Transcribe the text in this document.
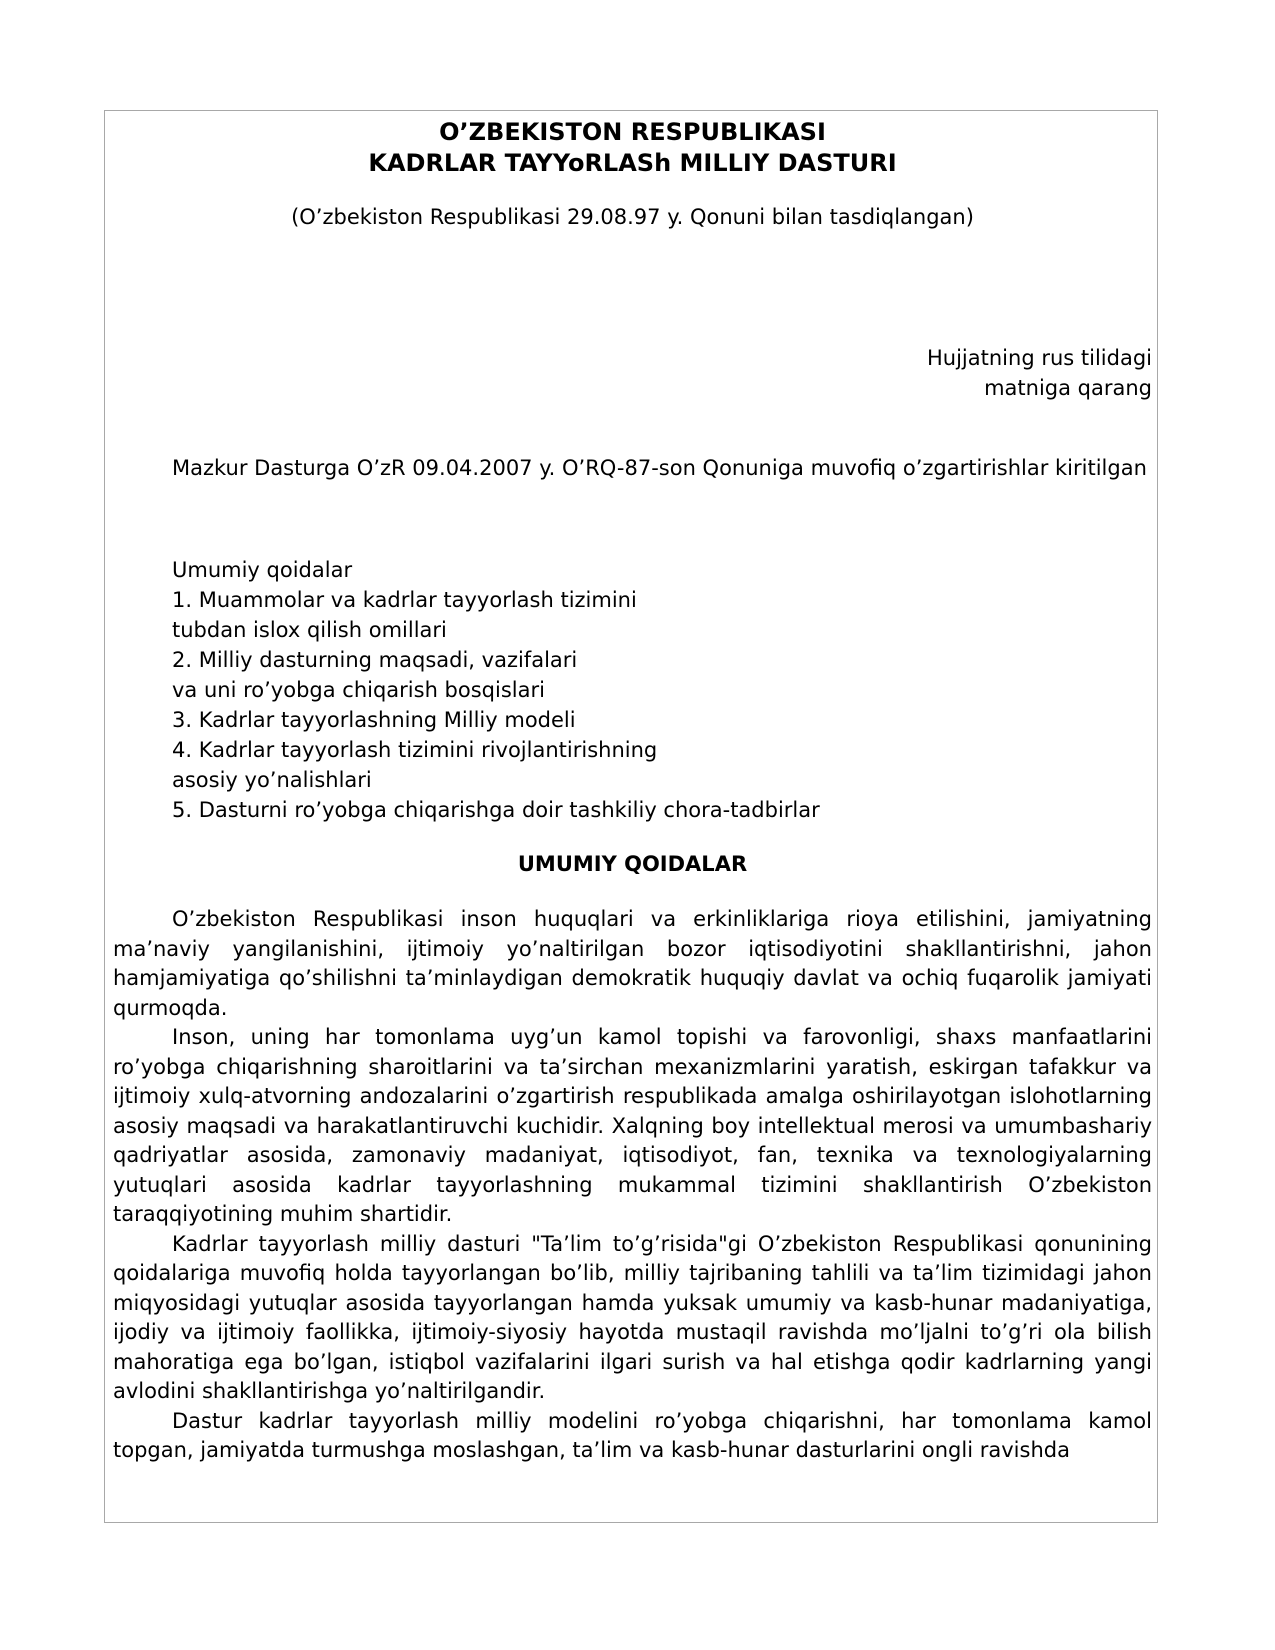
O’ZBEKISTON RESPUBLIKASI
KADRLAR TAYYoRLASh MILLIY DASTURI

(O’zbekiston Respublikasi 29.08.97 y. Qonuni bilan tasdiqlangan)

Hujjatning rus tilidagi
matniga qarang

Mazkur Dasturga O’zR 09.04.2007 y. O’RQ-87-son Qonuniga muvofiq o’zgartirishlar kiritilgan

Umumiy qoidalar
1. Muammolar va kadrlar tayyorlash tizimini
tubdan islox qilish omillari
2. Milliy dasturning maqsadi, vazifalari
va uni ro’yobga chiqarish bosqislari
3. Kadrlar tayyorlashning Milliy modeli
4. Kadrlar tayyorlash tizimini rivojlantirishning
asosiy yo’nalishlari
5. Dasturni ro’yobga chiqarishga doir tashkiliy chora-tadbirlar
UMUMIY QOIDALAR

O’zbekiston Respublikasi inson huquqlari va erkinliklariga rioya etilishini, jamiyatning ma’naviy yangilanishini, ijtimoiy yo’naltirilgan bozor iqtisodiyotini shakllantirishni, jahon hamjamiyatiga qo’shilishni ta’minlaydigan demokratik huquqiy davlat va ochiq fuqarolik jamiyati qurmoqda.

Inson, uning har tomonlama uyg’un kamol topishi va farovonligi, shaxs manfaatlarini ro’yobga chiqarishning sharoitlarini va ta’sirchan mexanizmlarini yaratish, eskirgan tafakkur va ijtimoiy xulq-atvorning andozalarini o’zgartirish respublikada amalga oshirilayotgan islohotlarning asosiy maqsadi va harakatlantiruvchi kuchidir. Xalqning boy intellektual merosi va umumbashariy qadriyatlar asosida, zamonaviy madaniyat, iqtisodiyot, fan, texnika va texnologiyalarning yutuqlari asosida kadrlar tayyorlashning mukammal tizimini shakllantirish O’zbekiston taraqqiyotining muhim shartidir.

Kadrlar tayyorlash milliy dasturi "Ta’lim to’g’risida"gi O’zbekiston Respublikasi qonunining qoidalariga muvofiq holda tayyorlangan bo’lib, milliy tajribaning tahlili va ta’lim tizimidagi jahon miqyosidagi yutuqlar asosida tayyorlangan hamda yuksak umumiy va kasb-hunar madaniyatiga, ijodiy va ijtimoiy faollikka, ijtimoiy-siyosiy hayotda mustaqil ravishda mo’ljalni to’g’ri ola bilish mahoratiga ega bo’lgan, istiqbol vazifalarini ilgari surish va hal etishga qodir kadrlarning yangi avlodini shakllantirishga yo’naltirilgandir.

Dastur kadrlar tayyorlash milliy modelini ro’yobga chiqarishni, har tomonlama kamol topgan, jamiyatda turmushga moslashgan, ta’lim va kasb-hunar dasturlarini ongli ravishda
